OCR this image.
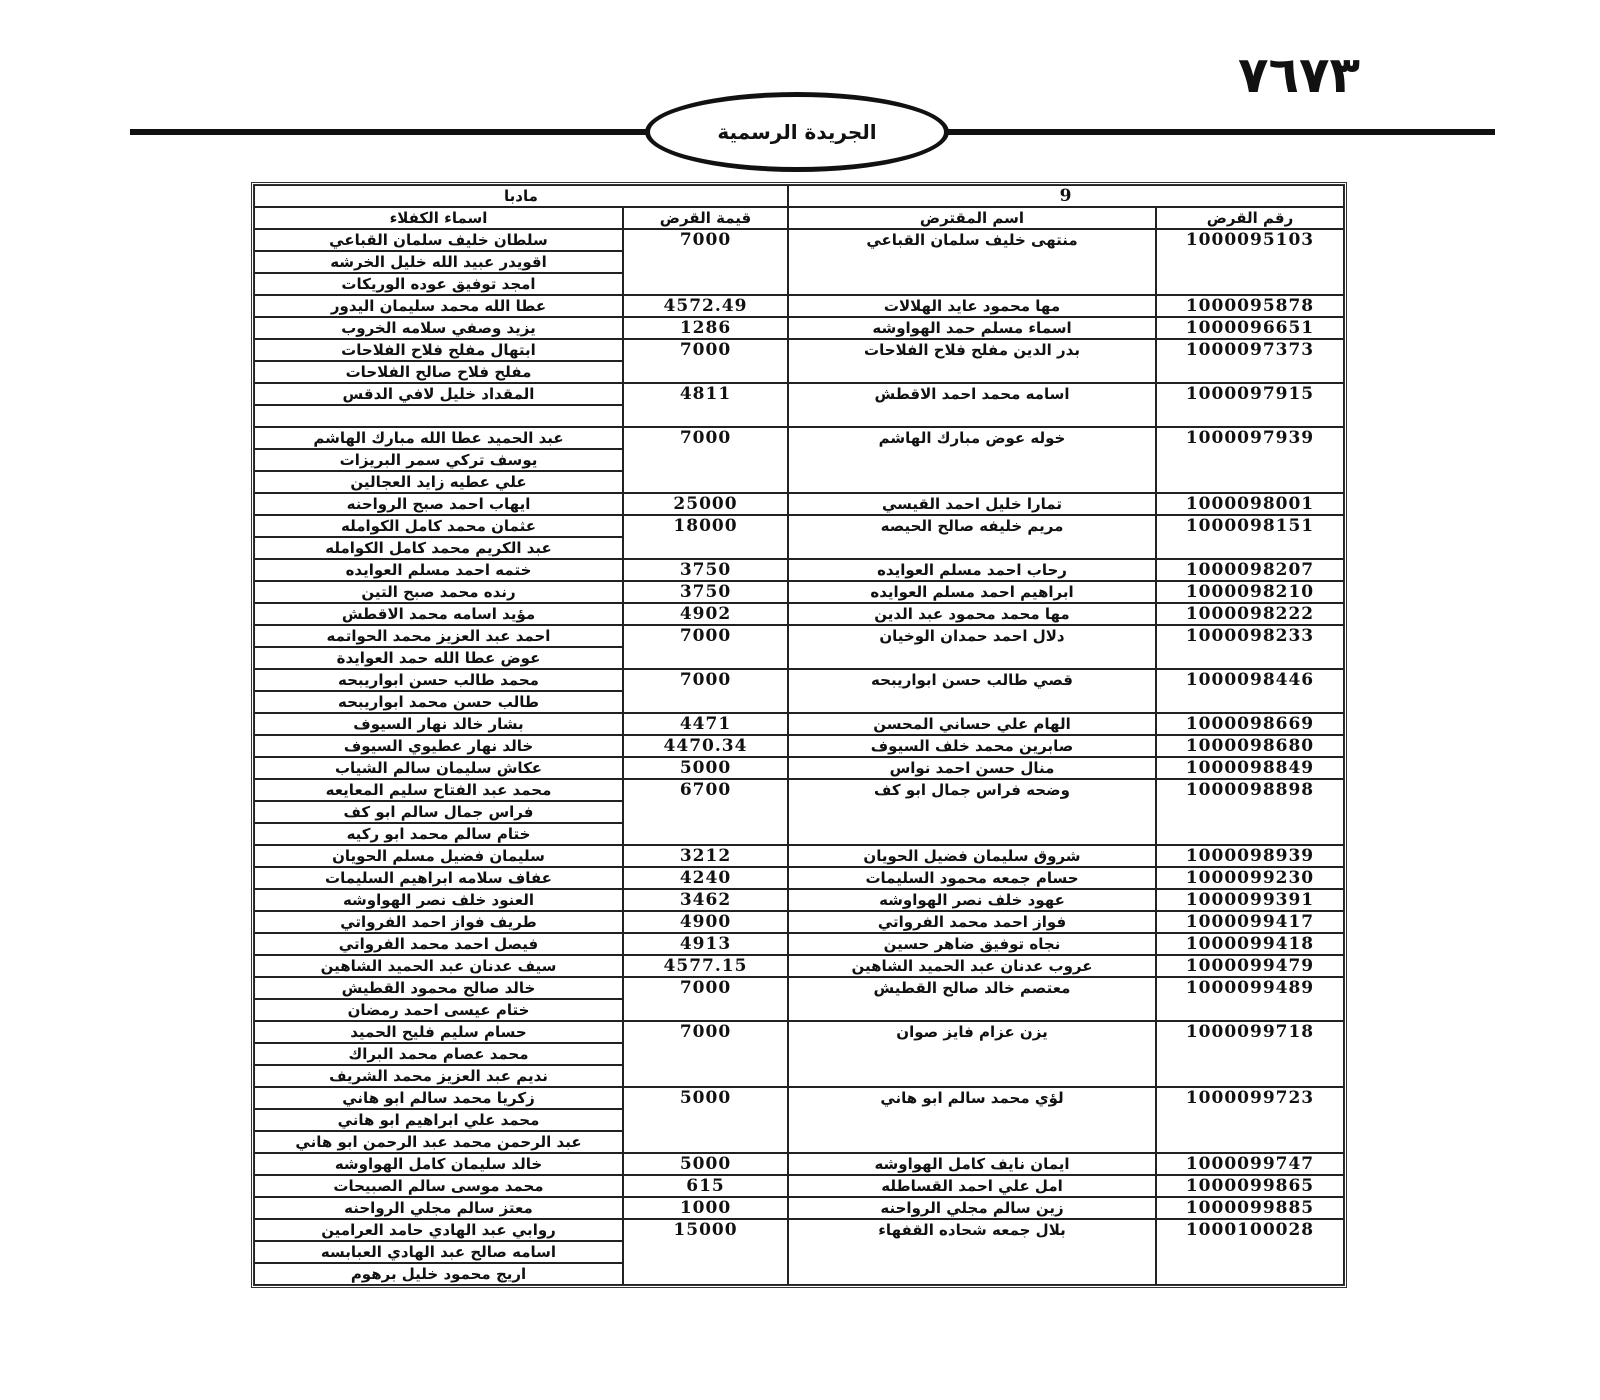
٧٦٧٣
الجريدة الرسمية
9		مادبا	
رقم القرض	اسم المقترض	قيمة القرض	اسماء الكفلاء
1000095103	منتهى خليف سلمان القباعي	7000	سلطان خليف سلمان القباعي
			اقويدر عبيد الله خليل الخرشه
			امجد توفيق عوده الوريكات
1000095878	مها محمود عايد الهلالات	4572.49	عطا الله محمد سليمان اليدور
1000096651	اسماء مسلم حمد الهواوشه	1286	يزيد وصفي سلامه الخروب
1000097373	بدر الدين مفلح فلاح الفلاحات	7000	ابتهال مفلح فلاح الفلاحات
			مفلح فلاح صالح الفلاحات
1000097915	اسامه محمد احمد الاقطش	4811	المقداد خليل لافي الدقس

1000097939	خوله عوض مبارك الهاشم	7000	عبد الحميد عطا الله مبارك الهاشم
			يوسف تركي سمر البريزات
			علي عطيه زايد العجالين
1000098001	تمارا خليل احمد القيسي	25000	ايهاب احمد صبح الرواحنه
1000098151	مريم خليفه صالح الحيصه	18000	عثمان محمد كامل الكوامله
			عبد الكريم محمد كامل الكوامله
1000098207	رحاب احمد مسلم العوايده	3750	ختمه احمد مسلم العوايده
1000098210	ابراهيم احمد مسلم العوايده	3750	رنده محمد صبح التين
1000098222	مها محمد محمود عبد الدين	4902	مؤيد اسامه محمد الاقطش
1000098233	دلال احمد حمدان الوخيان	7000	احمد عبد العزيز محمد الحواتمه
			عوض عطا الله حمد العوايدة
1000098446	قصي طالب حسن ابواريبحه	7000	محمد طالب حسن ابواريبحه
			طالب حسن محمد ابواريبحه
1000098669	الهام علي حساني المحسن	4471	بشار خالد نهار السيوف
1000098680	صابرين محمد خلف السيوف	4470.34	خالد نهار عطيوي السيوف
1000098849	منال حسن احمد نواس	5000	عكاش سليمان سالم الشياب
1000098898	وضحه فراس جمال ابو كف	6700	محمد عبد الفتاح سليم المعايعه
			فراس جمال سالم ابو كف
			ختام سالم محمد ابو ركيه
1000098939	شروق سليمان فضيل الحويان	3212	سليمان فضيل مسلم الحويان
1000099230	حسام جمعه محمود السليمات	4240	عفاف سلامه ابراهيم السليمات
1000099391	عهود خلف نصر الهواوشه	3462	العنود خلف نصر الهواوشه
1000099417	فواز احمد محمد الفرواتي	4900	طريف فواز احمد الفرواتي
1000099418	نجاه توفيق ضاهر حسين	4913	فيصل احمد محمد الفرواتي
1000099479	عروب عدنان عبد الحميد الشاهين	4577.15	سيف عدنان عبد الحميد الشاهين
1000099489	معتصم خالد صالح القطيش	7000	خالد صالح محمود القطيش
			ختام عيسى احمد رمضان
1000099718	يزن عزام فايز صوان	7000	حسام سليم فليح الحميد
			محمد عصام محمد البراك
			نديم عبد العزيز محمد الشريف
1000099723	لؤي محمد سالم ابو هاني	5000	زكريا محمد سالم ابو هاني
			محمد علي ابراهيم ابو هاني
			عبد الرحمن محمد عبد الرحمن ابو هاني
1000099747	ايمان نايف كامل الهواوشه	5000	خالد سليمان كامل الهواوشه
1000099865	امل علي احمد القساطله	615	محمد موسى سالم الصبيحات
1000099885	زين سالم مجلي الرواحنه	1000	معتز سالم مجلي الرواحنه
1000100028	بلال جمعه شحاده القفهاء	15000	روابي عبد الهادي حامد العرامين
			اسامه صالح عبد الهادي العبابسه
			اريج محمود خليل برهوم
